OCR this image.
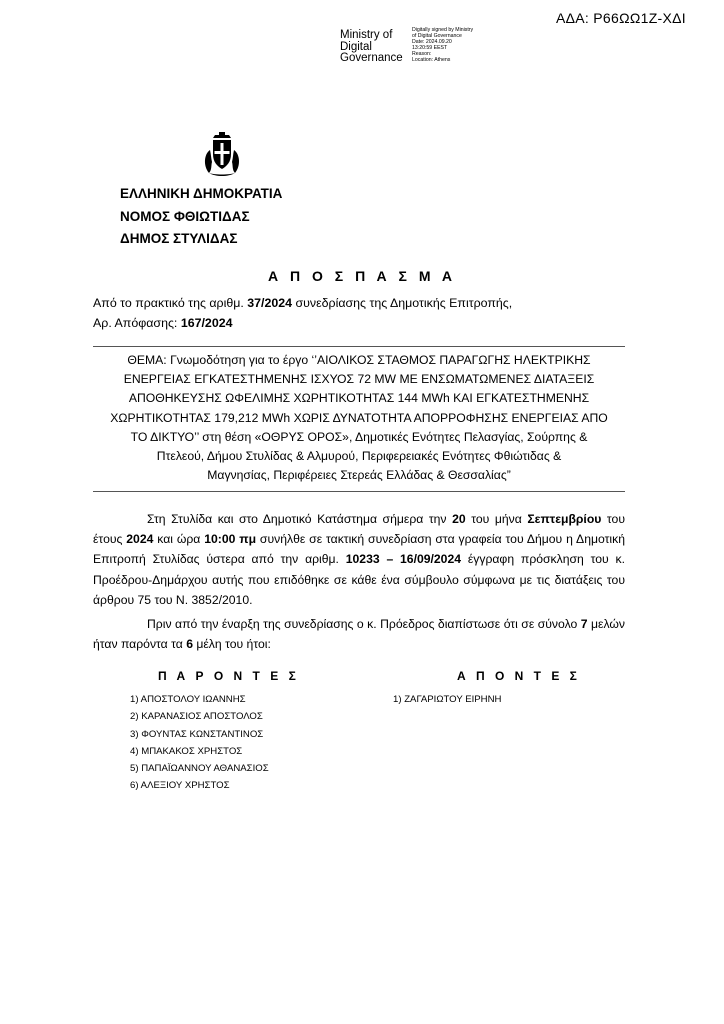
ΑΔΑ: Ρ66ΩΩ1Ζ-ΧΔΙ
Ministry of
Digital
Governance
Digitally signed by Ministry
of Digital Governance
Date: 2024.09.20
13:20:59 EEST
Reason:
Location: Athens
ΕΛΛΗΝΙΚΗ ΔΗΜΟΚΡΑΤΙΑ
ΝΟΜΟΣ ΦΘΙΩΤΙΔΑΣ
ΔΗΜΟΣ ΣΤΥΛΙΔΑΣ
Α Π Ο Σ Π Α Σ Μ Α
Από το πρακτικό της αριθμ. 37/2024 συνεδρίασης της Δημοτικής Επιτροπής,
Αρ. Απόφασης: 167/2024
ΘΕΜΑ: Γνωμοδότηση για το έργο ‘’ΑΙΟΛΙΚΟΣ ΣΤΑΘΜΟΣ ΠΑΡΑΓΩΓΗΣ ΗΛΕΚΤΡΙΚΗΣ
ΕΝΕΡΓΕΙΑΣ ΕΓΚΑΤΕΣΤΗΜΕΝΗΣ ΙΣΧΥΟΣ 72 MW ΜΕ ΕΝΣΩΜΑΤΩΜΕΝΕΣ ΔΙΑΤΑΞΕΙΣ
ΑΠΟΘΗΚΕΥΣΗΣ ΩΦΕΛΙΜΗΣ ΧΩΡΗΤΙΚΟΤΗΤΑΣ 144 MWh ΚΑΙ ΕΓΚΑΤΕΣΤΗΜΕΝΗΣ
ΧΩΡΗΤΙΚΟΤΗΤΑΣ 179,212 MWh ΧΩΡΙΣ ΔΥΝΑΤΟΤΗΤΑ ΑΠΟΡΡΟΦΗΣΗΣ ΕΝΕΡΓΕΙΑΣ ΑΠΟ
ΤΟ ΔΙΚΤΥΟ’’ στη θέση «ΟΘΡΥΣ ΟΡΟΣ», Δημοτικές Ενότητες Πελασγίας, Σούρπης &
Πτελεού, Δήμου Στυλίδας & Αλμυρού, Περιφερειακές Ενότητες Φθιώτιδας &
Μαγνησίας, Περιφέρειες Στερεάς Ελλάδας & Θεσσαλίας”

Στη Στυλίδα και στο Δημοτικό Κατάστημα σήμερα την 20 του μήνα Σεπτεμβρίου του έτους 2024 και ώρα 10:00 πμ συνήλθε σε τακτική συνεδρίαση στα γραφεία του Δήμου η Δημοτική Επιτροπή Στυλίδας ύστερα από την αριθμ. 10233 – 16/09/2024 έγγραφη πρόσκληση του κ. Προέδρου-Δημάρχου αυτής που επιδόθηκε σε κάθε ένα σύμβουλο σύμφωνα με τις διατάξεις του άρθρου 75 του Ν. 3852/2010.

Πριν από την έναρξη της συνεδρίασης ο κ. Πρόεδρος διαπίστωσε ότι σε σύνολο 7 μελών ήταν παρόντα τα 6 μέλη του ήτοι:

Π Α Ρ Ο Ν Τ Ε Σ
1) ΑΠΟΣΤΟΛΟΥ ΙΩΑΝΝΗΣ
2) ΚΑΡΑΝΑΣΙΟΣ ΑΠΟΣΤΟΛΟΣ
3) ΦΟΥΝΤΑΣ ΚΩΝΣΤΑΝΤΙΝΟΣ
4) ΜΠΑΚΑΚΟΣ ΧΡΗΣΤΟΣ
5) ΠΑΠΑΪΩΑΝΝΟΥ ΑΘΑΝΑΣΙΟΣ
6) ΑΛΕΞΙΟΥ ΧΡΗΣΤΟΣ
Α Π Ο Ν Τ Ε Σ
1) ΖΑΓΑΡΙΩΤΟΥ ΕΙΡΗΝΗ
